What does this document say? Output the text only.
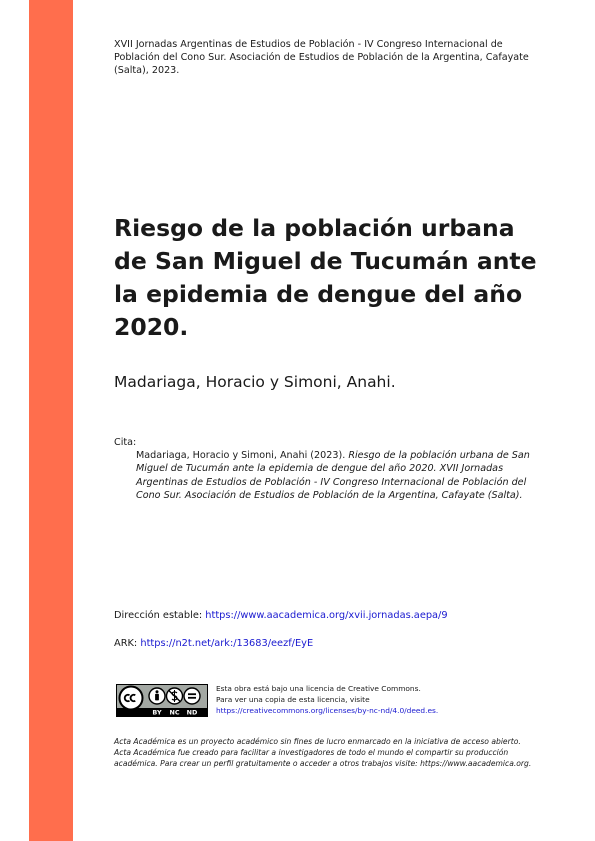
XVII Jornadas Argentinas de Estudios de Población - IV Congreso Internacional de Población del Cono Sur. Asociación de Estudios de Población de la Argentina, Cafayate (Salta), 2023.
Riesgo de la población urbana de San Miguel de Tucumán ante la epidemia de dengue del año 2020.
Madariaga, Horacio y Simoni, Anahi.
Cita:
Madariaga, Horacio y Simoni, Anahi (2023). Riesgo de la población urbana de San Miguel de Tucumán ante la epidemia de dengue del año 2020. XVII Jornadas Argentinas de Estudios de Población - IV Congreso Internacional de Población del Cono Sur. Asociación de Estudios de Población de la Argentina, Cafayate (Salta).
Dirección estable: https://www.aacademica.org/xvii.jornadas.aepa/9
ARK: https://n2t.net/ark:/13683/eezf/EyE
BY NC ND
Esta obra está bajo una licencia de Creative Commons.
Para ver una copia de esta licencia, visite
https://creativecommons.org/licenses/by-nc-nd/4.0/deed.es.
Acta Académica es un proyecto académico sin fines de lucro enmarcado en la iniciativa de acceso abierto. Acta Académica fue creado para facilitar a investigadores de todo el mundo el compartir su producción académica. Para crear un perfil gratuitamente o acceder a otros trabajos visite: https://www.aacademica.org.
